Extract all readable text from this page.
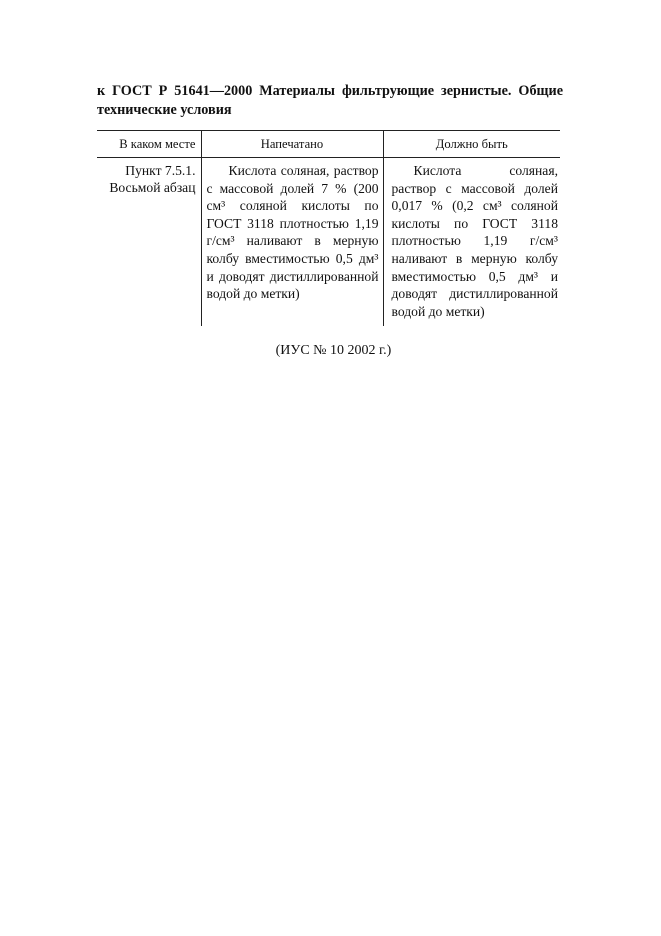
к ГОСТ Р 51641—2000 Материалы фильтрующие зернистые. Общие технические условия
В каком месте	Напечатано	Должно быть
Пункт 7.5.1. Восьмой абзац	Кислота соляная, раствор с массовой долей 7 % (200 см³ соляной кислоты по ГОСТ 3118 плотностью 1,19 г/см³ наливают в мерную колбу вместимостью 0,5 дм³ и доводят дистиллированной водой до метки)	Кислота соляная, раствор с массовой долей 0,017 % (0,2 см³ соляной кислоты по ГОСТ 3118 плотностью 1,19 г/см³ наливают в мерную колбу вместимостью 0,5 дм³ и доводят дистиллированной водой до метки)
(ИУС № 10 2002 г.)
